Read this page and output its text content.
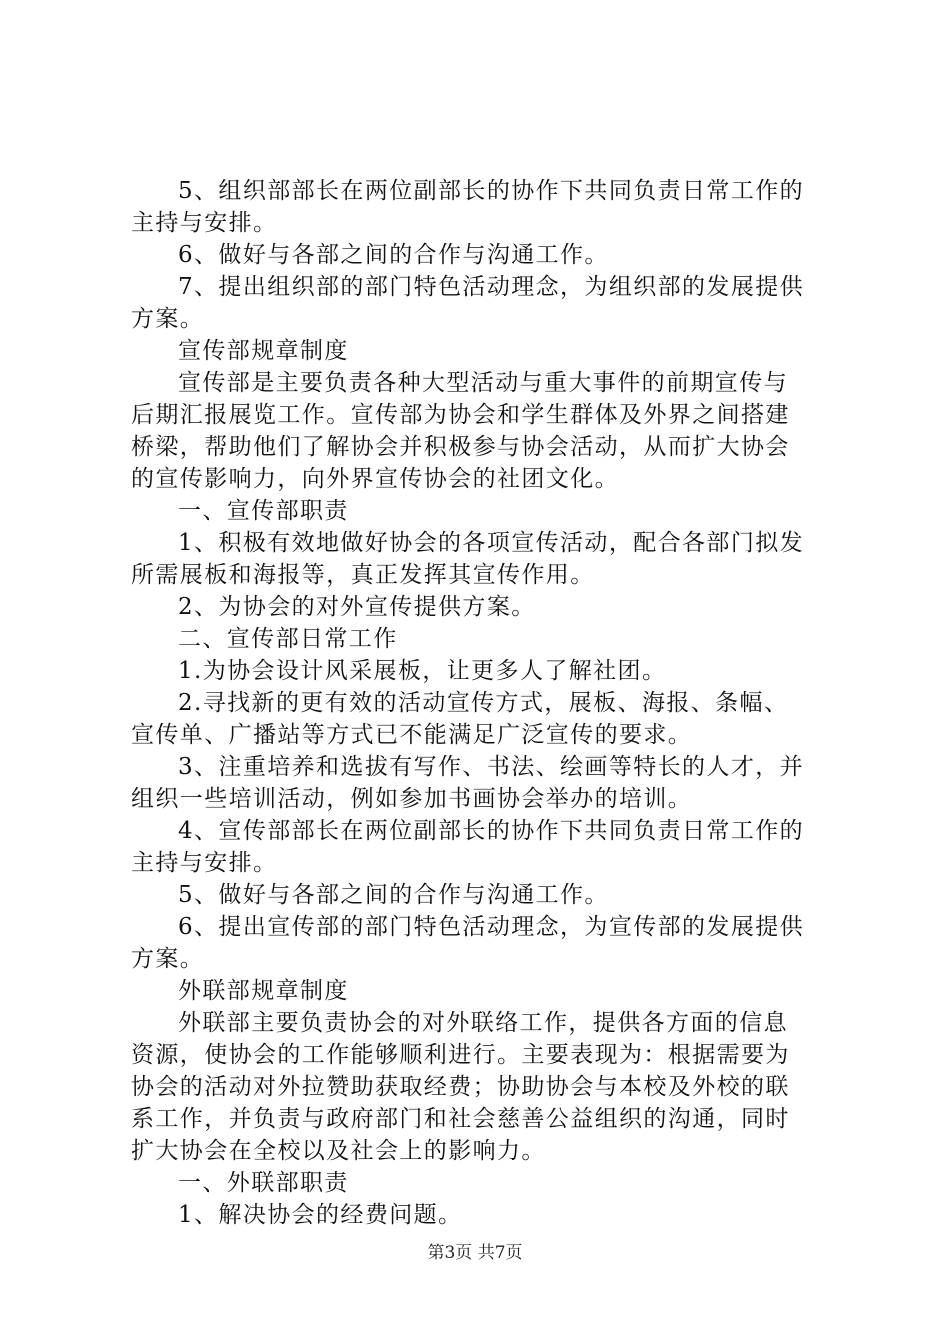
5、组织部部长在两位副部长的协作下共同负责日常工作的
主持与安排。
6、做好与各部之间的合作与沟通工作。
7、提出组织部的部门特色活动理念，为组织部的发展提供
方案。
宣传部规章制度
宣传部是主要负责各种大型活动与重大事件的前期宣传与
后期汇报展览工作。宣传部为协会和学生群体及外界之间搭建
桥梁，帮助他们了解协会并积极参与协会活动，从而扩大协会
的宣传影响力，向外界宣传协会的社团文化。
一、宣传部职责
1、积极有效地做好协会的各项宣传活动，配合各部门拟发
所需展板和海报等，真正发挥其宣传作用。
2、为协会的对外宣传提供方案。
二、宣传部日常工作
1.为协会设计风采展板，让更多人了解社团。
2.寻找新的更有效的活动宣传方式，展板、海报、条幅、
宣传单、广播站等方式已不能满足广泛宣传的要求。
3、注重培养和选拔有写作、书法、绘画等特长的人才，并
组织一些培训活动，例如参加书画协会举办的培训。
4、宣传部部长在两位副部长的协作下共同负责日常工作的
主持与安排。
5、做好与各部之间的合作与沟通工作。
6、提出宣传部的部门特色活动理念，为宣传部的发展提供
方案。
外联部规章制度
外联部主要负责协会的对外联络工作，提供各方面的信息
资源，使协会的工作能够顺利进行。主要表现为：根据需要为
协会的活动对外拉赞助获取经费；协助协会与本校及外校的联
系工作，并负责与政府部门和社会慈善公益组织的沟通，同时
扩大协会在全校以及社会上的影响力。
一、外联部职责
1、解决协会的经费问题。
第3页 共7页
